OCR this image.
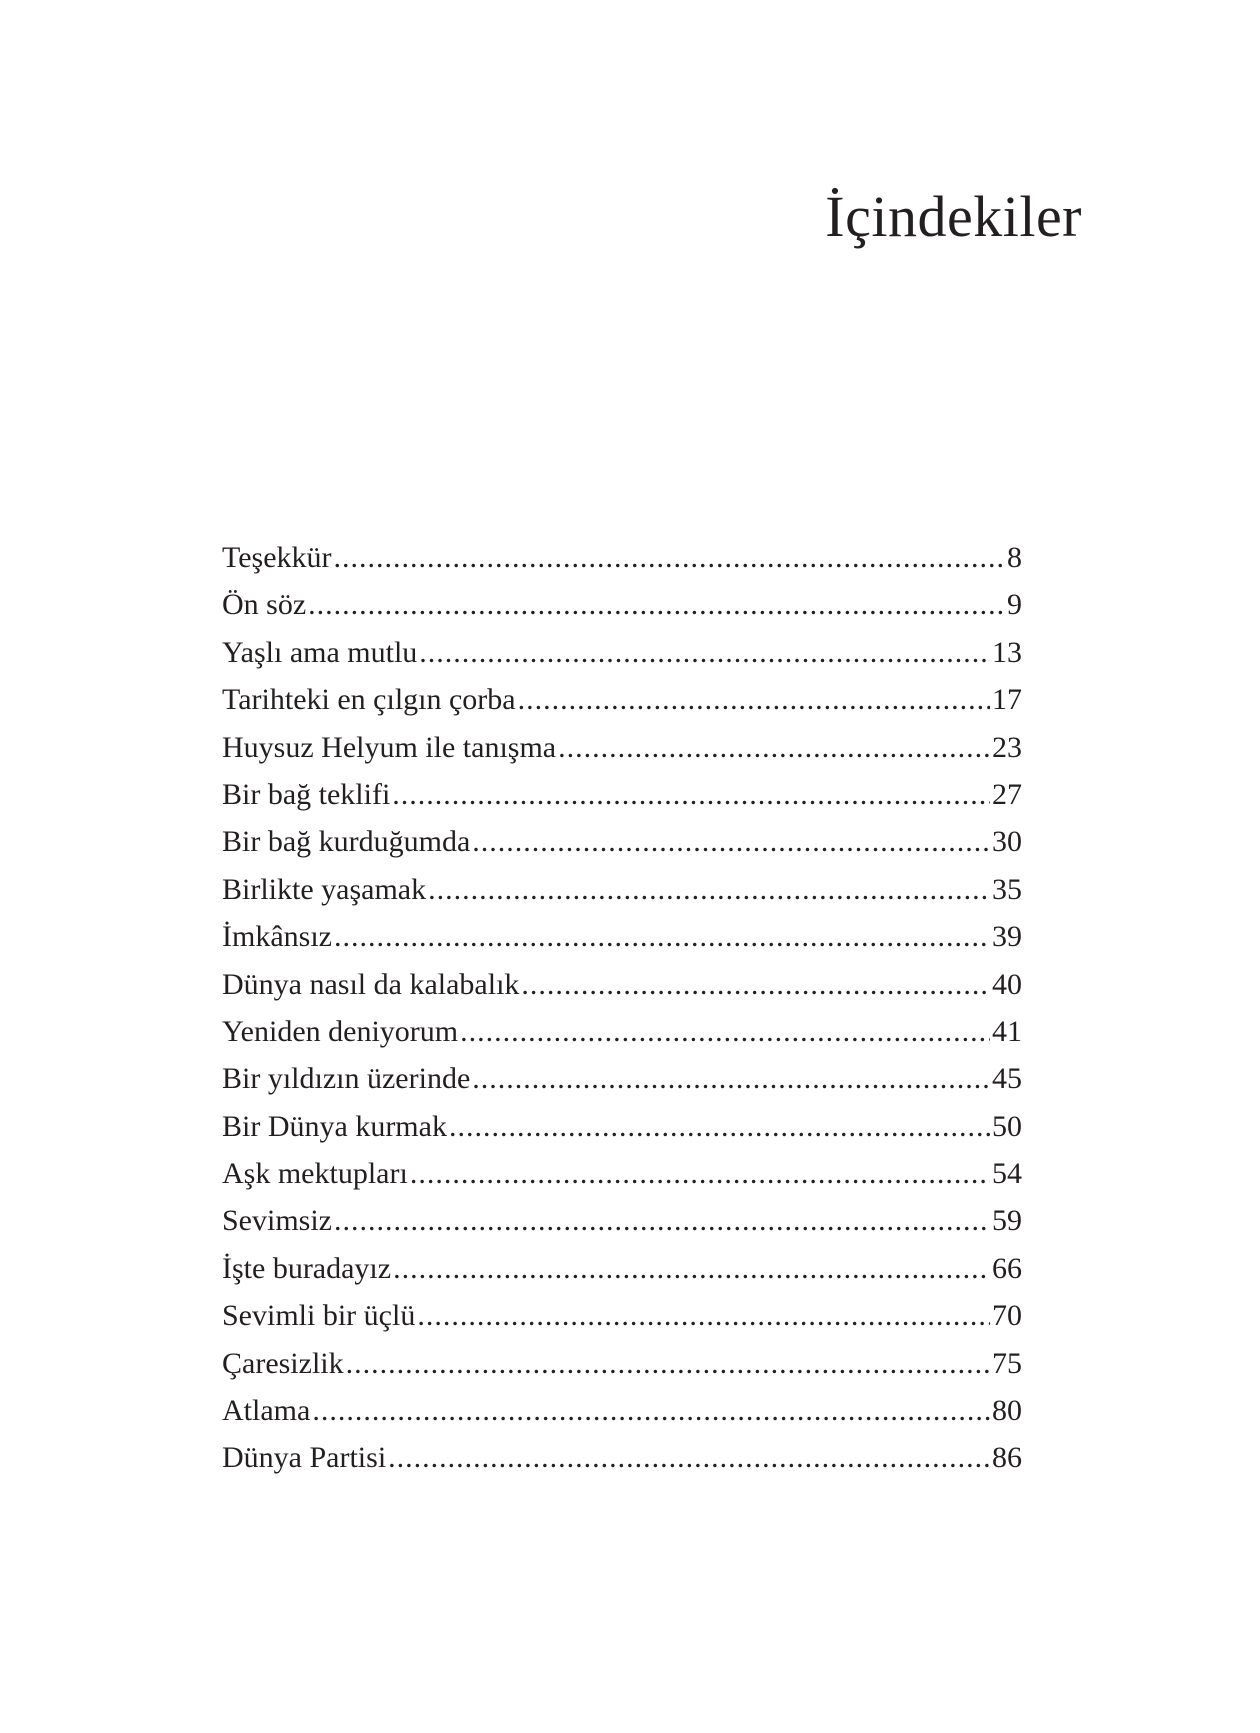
İçindekiler
Teşekkür .....	8
Ön söz .....	9
Yaşlı ama mutlu .....	13
Tarihteki en çılgın çorba .....	17
Huysuz Helyum ile tanışma .....	23
Bir bağ teklifi .....	27
Bir bağ kurduğumda .....	30
Birlikte yaşamak .....	35
İmkânsız .....	39
Dünya nasıl da kalabalık .....	40
Yeniden deniyorum .....	41
Bir yıldızın üzerinde .....	45
Bir Dünya kurmak .....	50
Aşk mektupları .....	54
Sevimsiz .....	59
İşte buradayız .....	66
Sevimli bir üçlü .....	70
Çaresizlik .....	75
Atlama .....	80
Dünya Partisi .....	86
